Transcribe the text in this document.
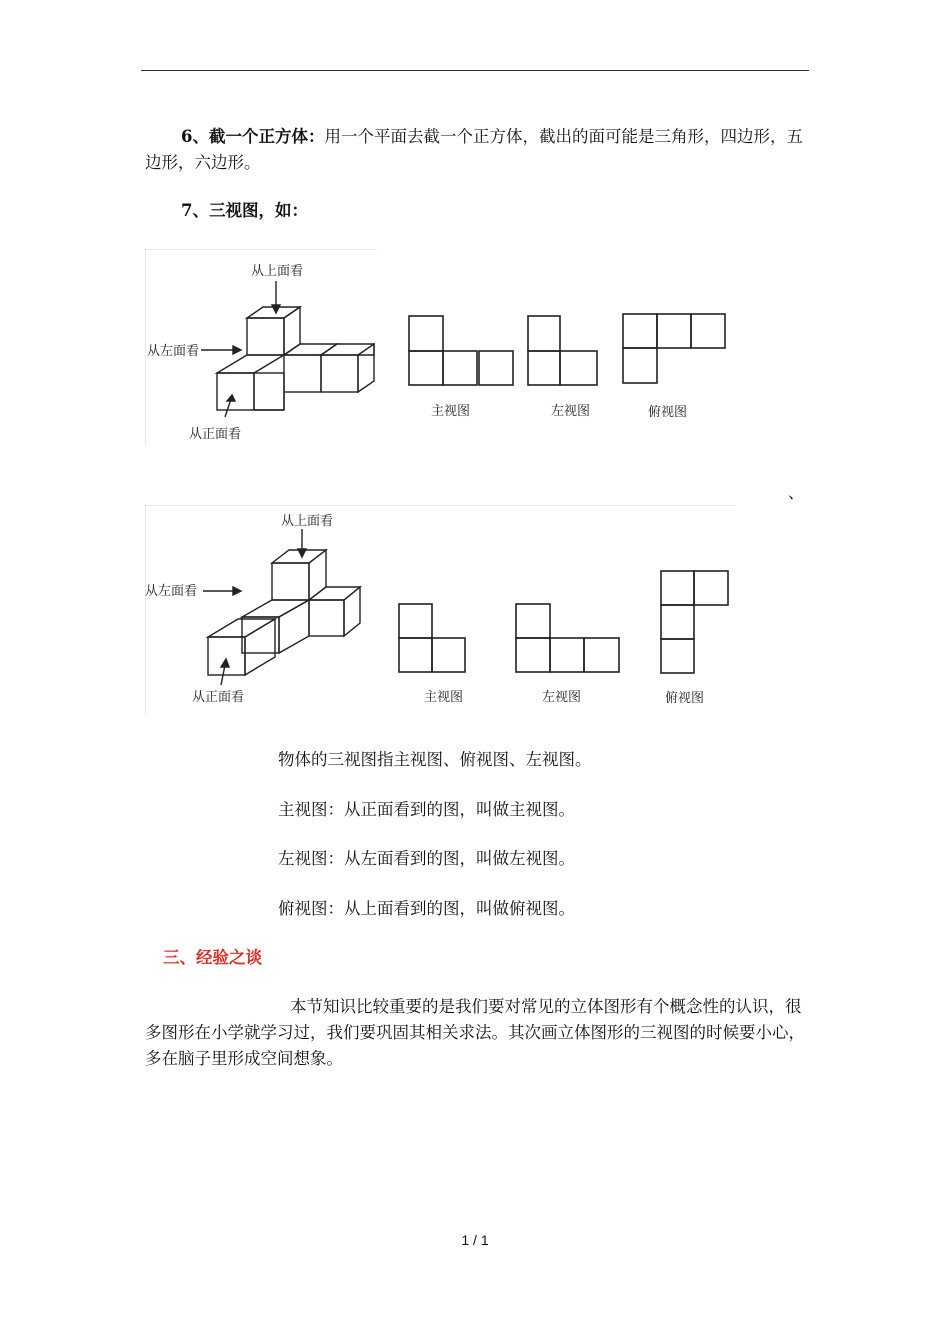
6、截一个正方体：用一个平面去截一个正方体，截出的面可能是三角形，四边形，五边形，六边形。
7、三视图，如：
从上面看
从左面看
从正面看
主视图	左视图	俯视图
、
从上面看
从左面看
从正面看	主视图	左视图	俯视图
物体的三视图指主视图、俯视图、左视图。
主视图：从正面看到的图，叫做主视图。
左视图：从左面看到的图，叫做左视图。
俯视图：从上面看到的图，叫做俯视图。
三、经验之谈
本节知识比较重要的是我们要对常见的立体图形有个概念性的认识，很多图形在小学就学习过，我们要巩固其相关求法。其次画立体图形的三视图的时候要小心，多在脑子里形成空间想象。
1 / 1
